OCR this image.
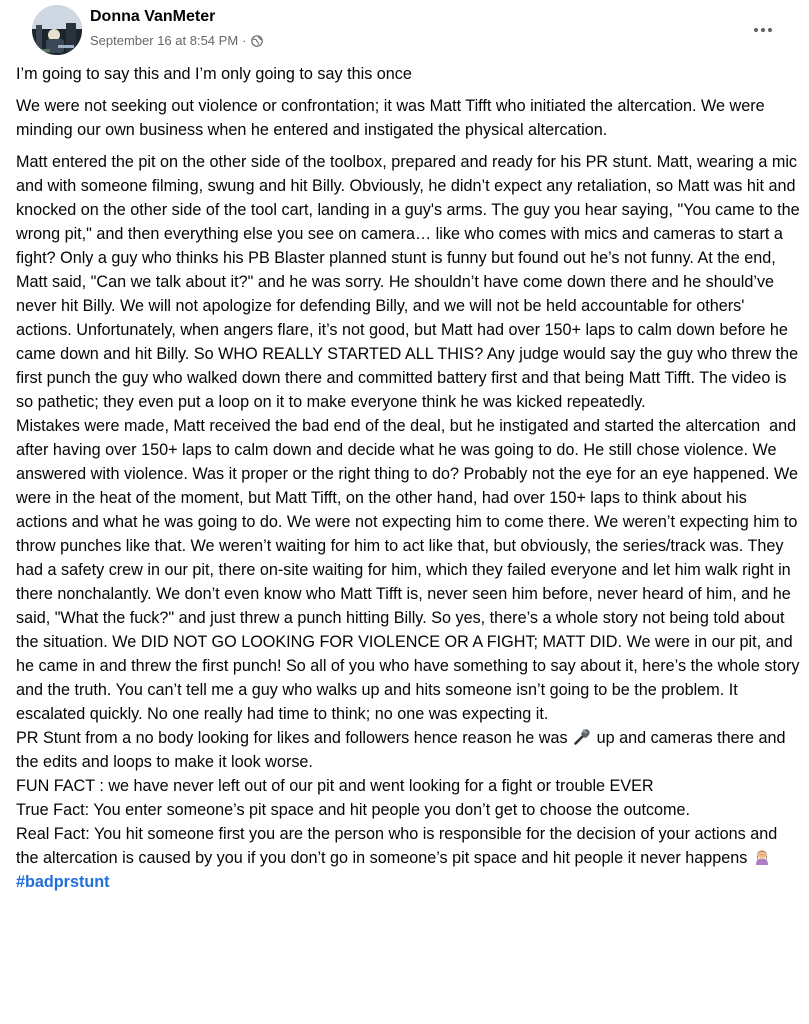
Donna VanMeter
September 16 at 8:54 PM ·

I’m going to say this and I’m only going to say this once

We were not seeking out violence or confrontation; it was Matt Tifft who initiated the altercation. We were minding our own business when he entered and instigated the physical altercation.

Matt entered the pit on the other side of the toolbox, prepared and ready for his PR stunt. Matt, wearing a mic and with someone filming, swung and hit Billy. Obviously, he didn’t expect any retaliation, so Matt was hit and knocked on the other side of the tool cart, landing in a guy's arms. The guy you hear saying, "You came to the wrong pit," and then everything else you see on camera… like who comes with mics and cameras to start a fight? Only a guy who thinks his PB Blaster planned stunt is funny but found out he’s not funny. At the end, Matt said, "Can we talk about it?" and he was sorry. He shouldn’t have come down there and he should’ve never hit Billy. We will not apologize for defending Billy, and we will not be held accountable for others' actions. Unfortunately, when angers flare, it’s not good, but Matt had over 150+ laps to calm down before he came down and hit Billy. So WHO REALLY STARTED ALL THIS? Any judge would say the guy who threw the first punch the guy who walked down there and committed battery first and that being Matt Tifft. The video is so pathetic; they even put a loop on it to make everyone think he was kicked repeatedly.

Mistakes were made, Matt received the bad end of the deal, but he instigated and started the altercation  and after having over 150+ laps to calm down and decide what he was going to do. He still chose violence. We answered with violence. Was it proper or the right thing to do? Probably not the eye for an eye happened. We were in the heat of the moment, but Matt Tifft, on the other hand, had over 150+ laps to think about his actions and what he was going to do. We were not expecting him to come there. We weren’t expecting him to throw punches like that. We weren’t waiting for him to act like that, but obviously, the series/track was. They had a safety crew in our pit, there on-site waiting for him, which they failed everyone and let him walk right in there nonchalantly. We don’t even know who Matt Tifft is, never seen him before, never heard of him, and he said, "What the fuck?" and just threw a punch hitting Billy. So yes, there’s a whole story not being told about the situation. We DID NOT GO LOOKING FOR VIOLENCE OR A FIGHT; MATT DID. We were in our pit, and he came in and threw the first punch! So all of you who have something to say about it, here’s the whole story and the truth. You can’t tell me a guy who walks up and hits someone isn’t going to be the problem. It escalated quickly. No one really had time to think; no one was expecting it.

PR Stunt from a no body looking for likes and followers hence reason he was  up and cameras there and the edits and loops to make it look worse.

FUN FACT : we have never left out of our pit and went looking for a fight or trouble EVER

True Fact: You enter someone’s pit space and hit people you don’t get to choose the outcome.

Real Fact: You hit someone first you are the person who is responsible for the decision of your actions and the altercation is caused by you if you don’t go in someone’s pit space and hit people it never happens

#badprstunt
